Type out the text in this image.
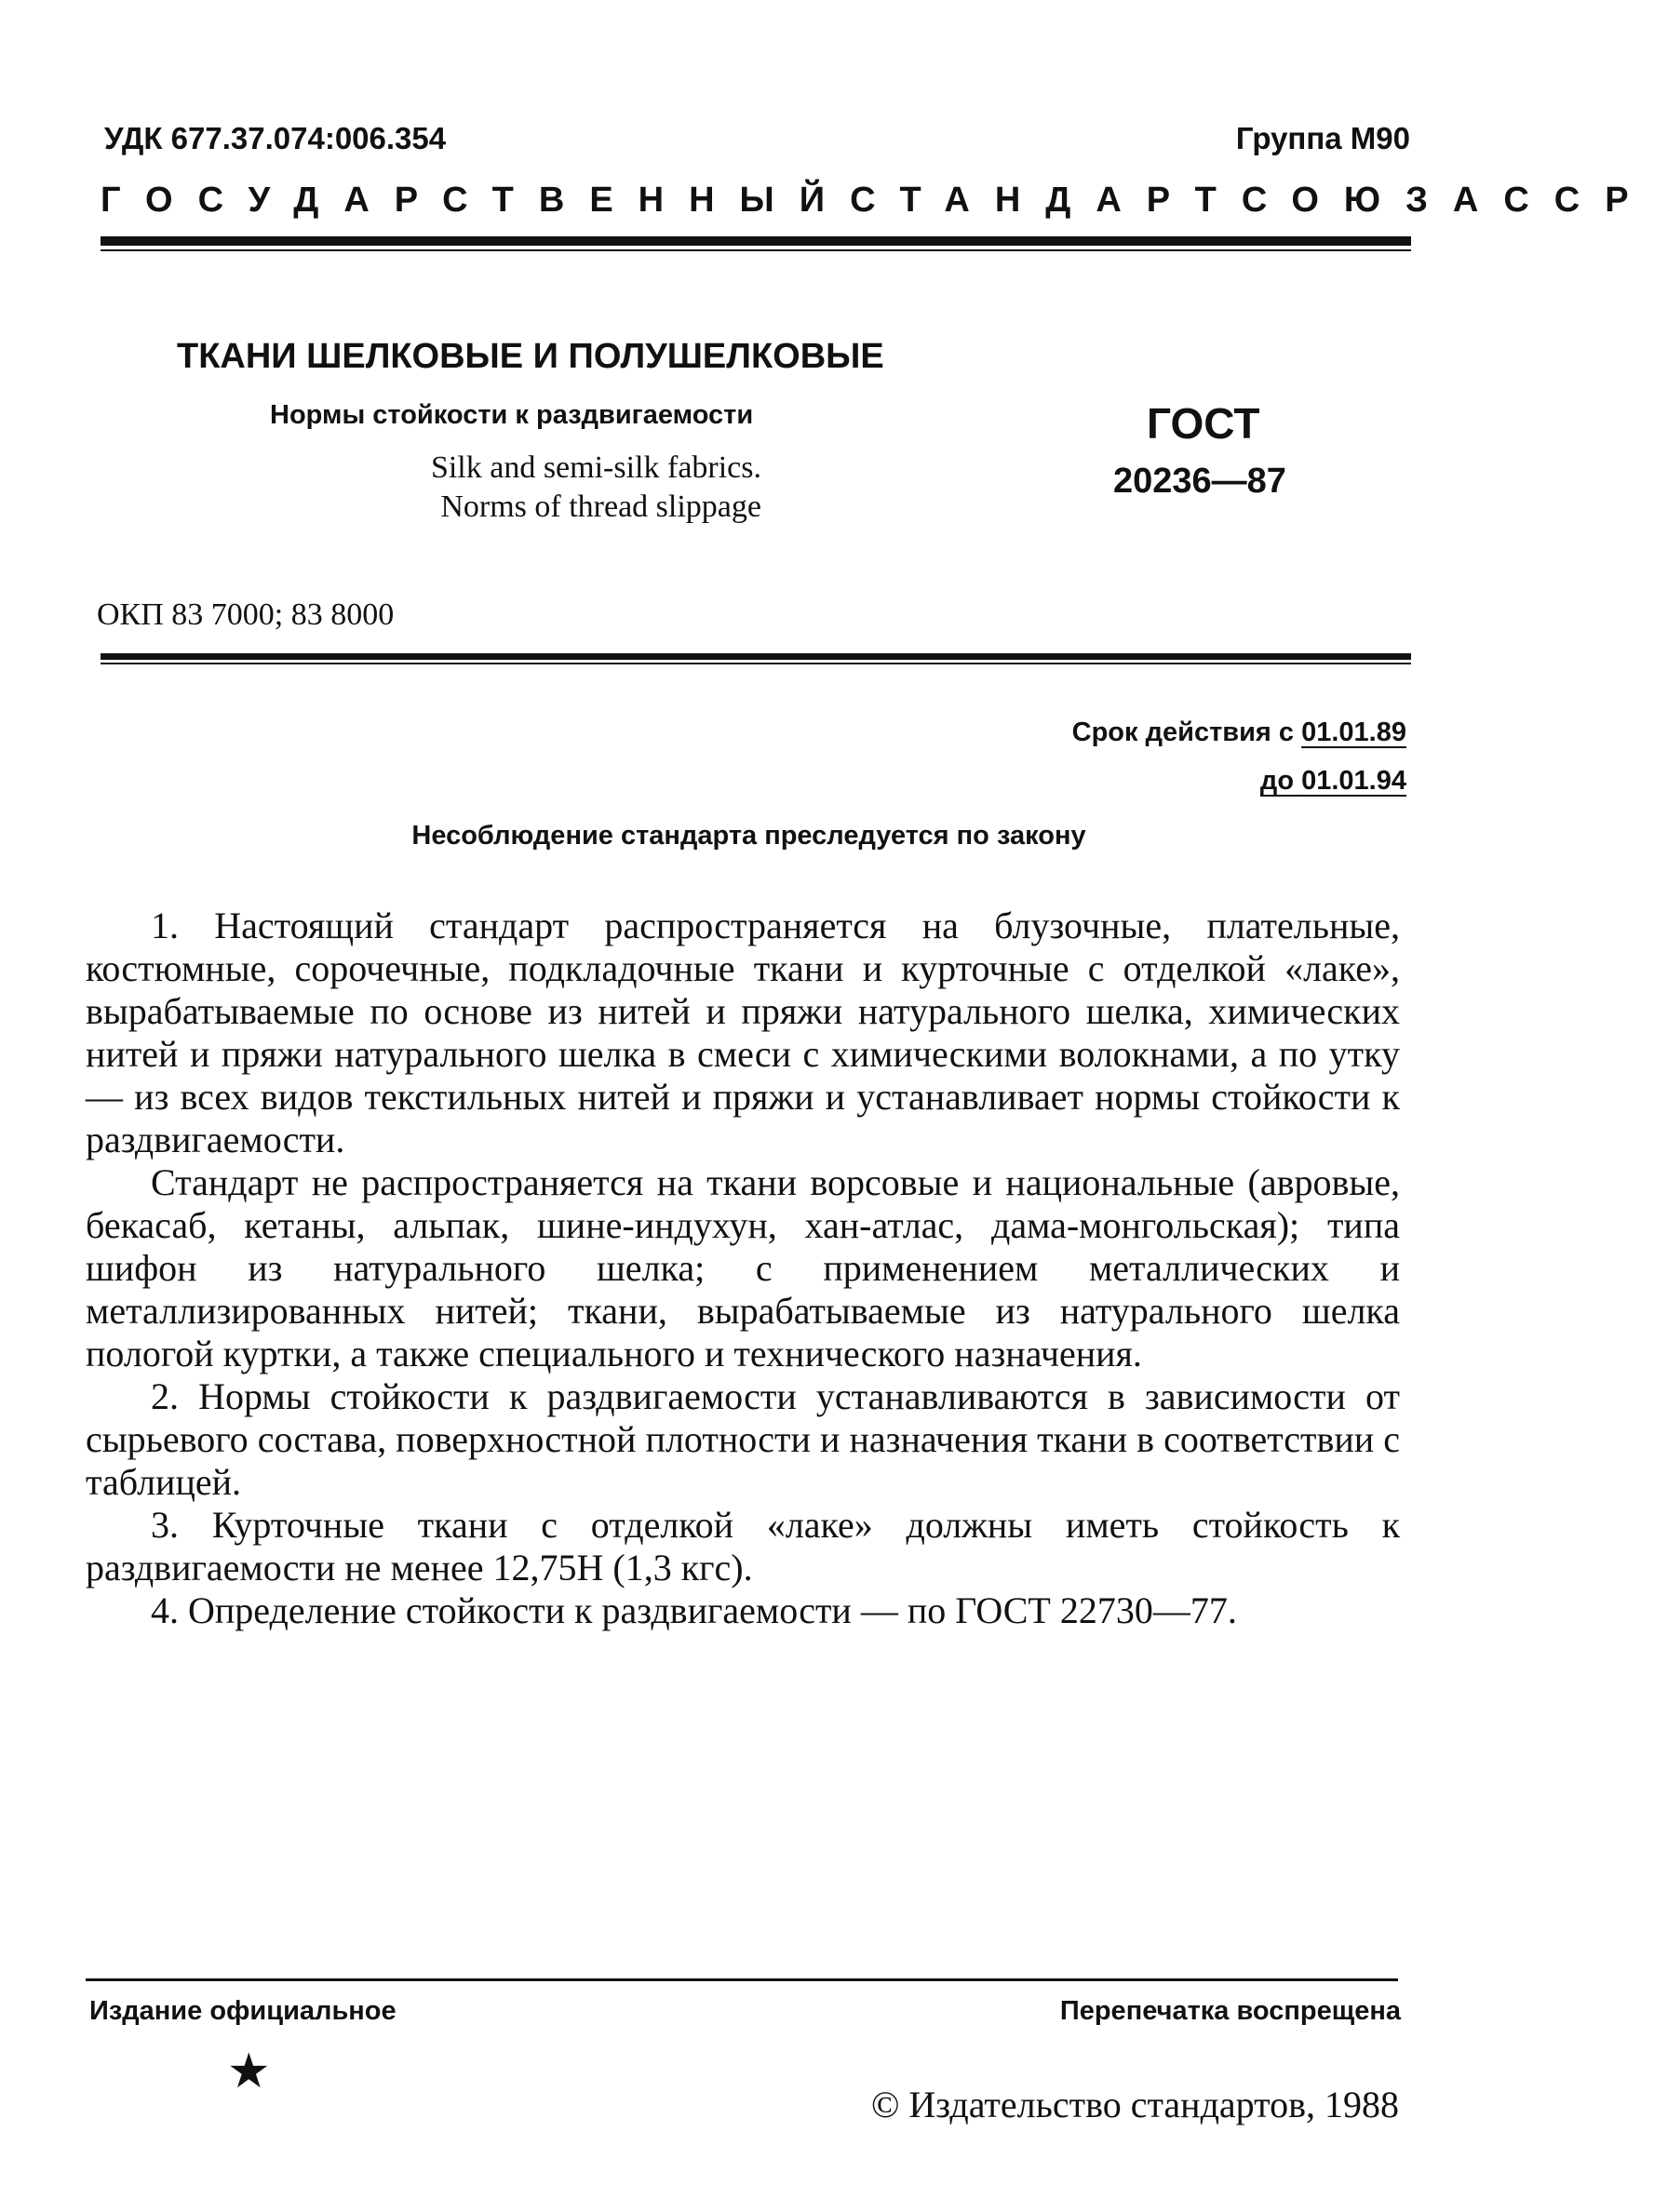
УДК 677.37.074:006.354	Группа М90
ГОСУДАРСТВЕННЫЙ СТАНДАРТ СОЮЗА ССР
ТКАНИ ШЕЛКОВЫЕ И ПОЛУШЕЛКОВЫЕ
Нормы стойкости к раздвигаемости
Silk and semi-silk fabrics.
Norms of thread slippage
ГОСТ
20236—87
ОКП 83 7000; 83 8000
Срок действия с 01.01.89
до 01.01.94
Несоблюдение стандарта преследуется по закону

1. Настоящий стандарт распространяется на блузочные, плательные, костюмные, сорочечные, подкладочные ткани и курточные с отделкой «лаке», вырабатываемые по основе из нитей и пряжи натурального шелка, химических нитей и пряжи натурального шелка в смеси с химическими волокнами, а по утку — из всех видов текстильных нитей и пряжи и устанавливает нормы стойкости к раздвигаемости.

Стандарт не распространяется на ткани ворсовые и национальные (авровые, бекасаб, кетаны, альпак, шине-индухун, хан-атлас, дама-монгольская); типа шифон из натурального шелка; с применением металлических и металлизированных нитей; ткани, вырабатываемые из натурального шелка пологой куртки, а также специального и технического назначения.

2. Нормы стойкости к раздвигаемости устанавливаются в зависимости от сырьевого состава, поверхностной плотности и назначения ткани в соответствии с таблицей.

3. Курточные ткани с отделкой «лаке» должны иметь стойкость к раздвигаемости не менее 12,75Н (1,3 кгс).

4. Определение стойкости к раздвигаемости — по ГОСТ 22730—77.

Издание официальное	Перепечатка воспрещена
★
© Издательство стандартов, 1988
